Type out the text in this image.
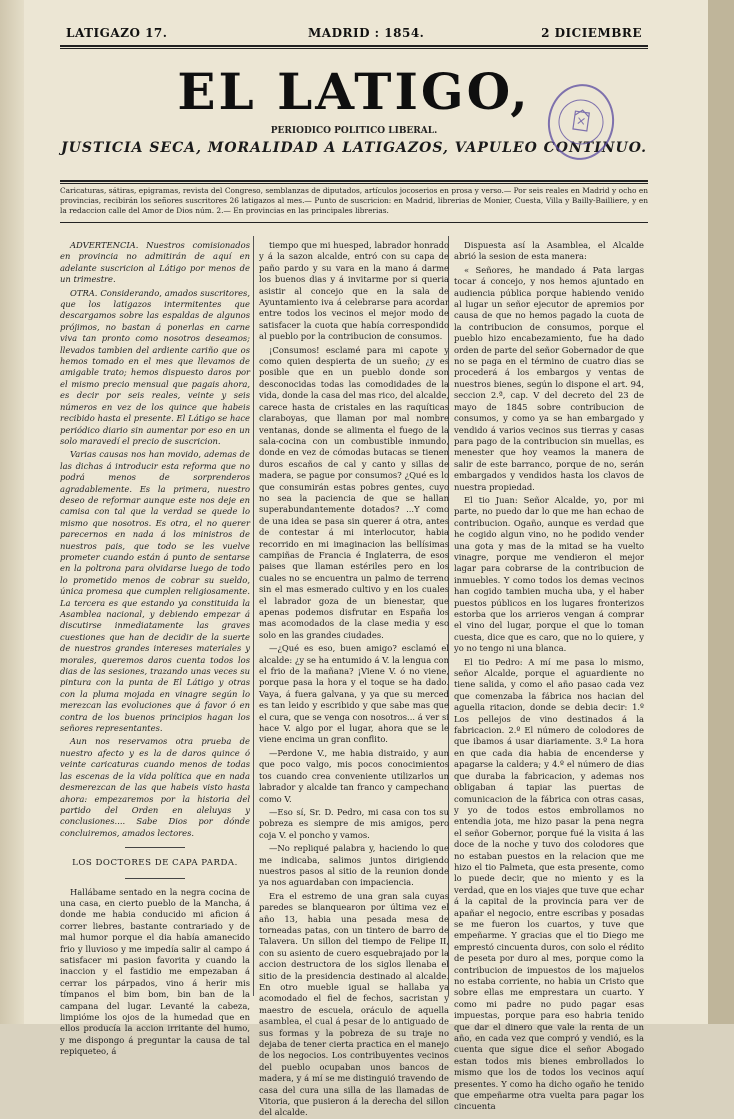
LATIGAZO 17.	MADRID : 1854.	2 DICIEMBRE
EL LATIGO,
PERIODICO POLITICO LIBERAL.
JUSTICIA SECA, MORALIDAD A LATIGAZOS, VAPULEO CONTINUO.
Caricaturas, sátiras, epigramas, revista del Congreso, semblanzas de diputados, artículos jocoserios en prosa y verso.— Por seis reales en Madrid y ocho en provincias, recibirán los señores suscritores 26 latigazos al mes.— Punto de suscricion: en Madrid, librerias de Monier, Cuesta, Villa y Bailly-Bailliere, y en la redaccion calle del Amor de Dios núm. 2.— En provincias en las principales librerias.

ADVERTENCIA. Nuestros comisionados en provincia no admitirán de aquí en adelante suscricion al Látigo por menos de un trimestre.

OTRA. Considerando, amados suscritores, que los latigazos intermitentes que descargamos sobre las espaldas de algunos prójimos, no bastan á ponerlas en carne viva tan pronto como nosotros deseamos; llevados tambien del ardiente cariño que os hemos tomado en el mes que llevamos de amigable trato; hemos dispuesto daros por el mismo precio mensual que pagais ahora, es decir por seis reales, veinte y seis números en vez de los quince que habeis recibido hasta el presente. El Látigo se hace periódico diario sin aumentar por eso en un solo maravedí el precio de suscricion.

Varias causas nos han movido, ademas de las dichas á introducir esta reforma que no podrá menos de sorprenderos agradablemente. Es la primera, nuestro deseo de reformar aunque este nos deje en camisa con tal que la verdad se quede lo mismo que nosotros. Es otra, el no querer parecernos en nada á los ministros de nuestros pais, que todo se les vuelve prometer cuando están á punto de sentarse en la poltrona para olvidarse luego de todo lo prometido menos de cobrar su sueldo, única promesa que cumplen religiosamente. La tercera es que estando ya constituida la Asamblea nacional, y debiendo empezar á discutirse inmediatamente las graves cuestiones que han de decidir de la suerte de nuestros grandes intereses materiales y morales, queremos daros cuenta todos los dias de las sesiones, trazando unas veces su pintura con la punta de El Látigo y otras con la pluma mojada en vinagre según lo merezcan las evoluciones que á favor ó en contra de los buenos principios hagan los señores representantes.

Aun nos reservamos otra prueba de nuestro afecto y es la de daros quince ó veinte caricaturas cuando menos de todas las escenas de la vida política que en nada desmerezcan de las que habeis visto hasta ahora: empezaremos por la historia del partido del Orden en aleluyas y conclusiones.... Sabe Dios por dónde concluiremos, amados lectores.

LOS DOCTORES DE CAPA PARDA.

Hallábame sentado en la negra cocina de una casa, en cierto pueblo de la Mancha, á donde me habia conducido mi aficion á correr liebres, bastante contrariado y de mal humor porque el dia había amanecido frio y lluvioso y me impedía salir al campo á satisfacer mi pasion favorita y cuando la inaccion y el fastidio me empezaban á cerrar los párpados, vino á herir mis tímpanos el bim bom, bin ban de la campana del lugar. Levanté la cabeza, limpióme los ojos de la humedad que en ellos producía la accion irritante del humo, y me dispongo á preguntar la causa de tal repiqueteo, á

tiempo que mi huesped, labrador honrado y á la sazon alcalde, entró con su capa de paño pardo y su vara en la mano á darme los buenos dias y á invitarme por si queria asistir al concejo que en la sala de Ayuntamiento iva á celebrarse para acordar entre todos los vecinos el mejor modo de satisfacer la cuota que había correspondido al pueblo por la contribucion de consumos.

¡Consumos! esclamé para mi capote y como quien despierta de un sueño; ¿y es posible que en un pueblo donde son desconocidas todas las comodidades de la vida, donde la casa del mas rico, del alcalde, carece hasta de cristales en las raquíticas claraboyas, que llaman por mal nombre ventanas, donde se alimenta el fuego de la sala-cocina con un combustible inmundo, donde en vez de cómodas butacas se tienen duros escaños de cal y canto y sillas de madera, se pague por consumos? ¿Qué es lo que consumirán estas pobres gentes, cuyo no sea la paciencia de que se hallan superabundantemente dotados? ...Y como de una idea se pasa sin querer á otra, antes de contestar á mi interlocutor, habia recorrido en mi imaginacion las bellísimas campiñas de Francia é Inglaterra, de esos paises que llaman estériles pero en los cuales no se encuentra un palmo de terreno sin el mas esmerado cultivo y en los cuales el labrador goza de un bienestar, que apenas podemos disfrutar en España los mas acomodados de la clase media y eso solo en las grandes ciudades.

—¿Qué es eso, buen amigo? esclamó el alcalde: ¿y se ha entumido á V. la lengua con el frio de la mañana? ¡Viene V. ó no viene, porque pasa la hora y el toque se ha dado. Vaya, á fuera galvana, y ya que su merced es tan leido y escribido y que sabe mas que el cura, que se venga con nosotros... á ver si hace V. algo por el lugar, ahora que se le viene encima un gran conflito.

—Perdone V., me habia distraido, y aun que poco valgo, mis pocos conocimientos tos cuando crea conveniente utilizarlos un labrador y alcalde tan franco y campechano como V.

—Eso sí, Sr. D. Pedro, mi casa con tos su pobreza es siempre de mis amigos, pero coja V. el poncho y vamos.

—No repliqué palabra y, haciendo lo que me indicaba, salimos juntos dirigiendo nuestros pasos al sitio de la reunion donde ya nos aguardaban con impaciencia.

Era el estremo de una gran sala cuyas paredes se blanquearon por última vez el año 13, habia una pesada mesa de torneadas patas, con un tintero de barro de Talavera. Un sillon del tiempo de Felipe II, con su asiento de cuero esquebrajado por la accion destructora de los siglos llenaba el sitio de la presidencia destinado al alcalde. En otro mueble igual se hallaba ya acomodado el fiel de fechos, sacristan y maestro de escuela, oráculo de aquella asamblea, el cual á pesar de lo antiguado de sus formas y la pobreza de su traje no dejaba de tener cierta practica en el manejo de los negocios. Los contribuyentes vecinos del pueblo ocupaban unos bancos de madera, y á mí se me distinguió travendo de casa del cura una silla de las llamadas de Vitoria, que pusieron á la derecha del sillon del alcalde.

Dispuesta así la Asamblea, el Alcalde abrió la sesion de esta manera:

« Señores, he mandado á Pata largas tocar á concejo, y nos hemos ajuntado en audiencia pública porque habiendo venido al lugar un señor ejecutor de apremios por causa de que no hemos pagado la cuota de la contribucion de consumos, porque el pueblo hizo encabezamiento, fue ha dado orden de parte del señor Gobernador de que no se paga en el término de cuatro dias se procederá á los embargos y ventas de nuestros bienes, según lo dispone el art. 94, seccion 2.ª, cap. V del decreto del 23 de mayo de 1845 sobre contribucion de consumos, y como ya se han embargado y vendido á varios vecinos sus tierras y casas para pago de la contribucion sin muellas, es menester que hoy veamos la manera de salir de este barranco, porque de no, serán embargados y vendidos hasta los clavos de nuestra propiedad.

El tio Juan: Señor Alcalde, yo, por mi parte, no puedo dar lo que me han echao de contribucion. Ogaño, aunque es verdad que he cogido algun vino, no he podido vender una gota y mas de la mitad se ha vuelto vinagre, porque me vendieron el mejor lagar para cobrarse de la contribucion de inmuebles. Y como todos los demas vecinos han cogido tambien mucha uba, y el haber puestos públicos en los lugares fronterizos estorba que los arrieros vengan á comprar el vino del lugar, porque el que lo toman cuesta, dice que es caro, que no lo quiere, y yo no tengo ni una blanca.

El tio Pedro: A mí me pasa lo mismo, señor Alcalde, porque el aguardiente no tiene salida, y como el año pasao cada vez que comenzaba la fábrica nos hacian del aguella ritacion, donde se debia decir: 1.º Los pellejos de vino destinados á la fabricacion. 2.º El número de colodores de que ibamos á usar diariamente. 3.º La hora en que cada dia habia de encenderse y apagarse la caldera; y 4.º el número de dias que duraba la fabricacion, y ademas nos obligaban á tapiar las puertas de comunicacion de la fábrica con otras casas, y yo de todos estos embrollamos no entendia jota, me hizo pasar la pena negra el señor Gobernor, porque fué la visita á las doce de la noche y tuvo dos colodores que no estaban puestos en la relacion que me hizo el tio Palmeta, que esta presente, como lo puede decir, que no miento y es la verdad, que en los viajes que tuve que echar á la capital de la provincia para ver de apañar el negocio, entre escribas y posadas se me fueron los cuartos, y tuve que empeñarme. Y gracias que el tio Diego me emprestó cincuenta duros, con solo el rédito de peseta por duro al mes, porque como la contribucion de impuestos de los majuelos no estaba corriente, no habia un Cristo que sobre ellas me emprestara un cuarto. Y como mi padre no pudo pagar esas impuestas, porque para eso habria tenido que dar el dinero que vale la renta de un año, en cada vez que compró y vendió, es la cuenta que sigue dice el señor Abogado estan todos mis bienes embrollados lo mismo que los de todos los vecinos aquí presentes. Y como ha dicho ogaño he tenido que empeñarme otra vuelta para pagar los cincuenta
